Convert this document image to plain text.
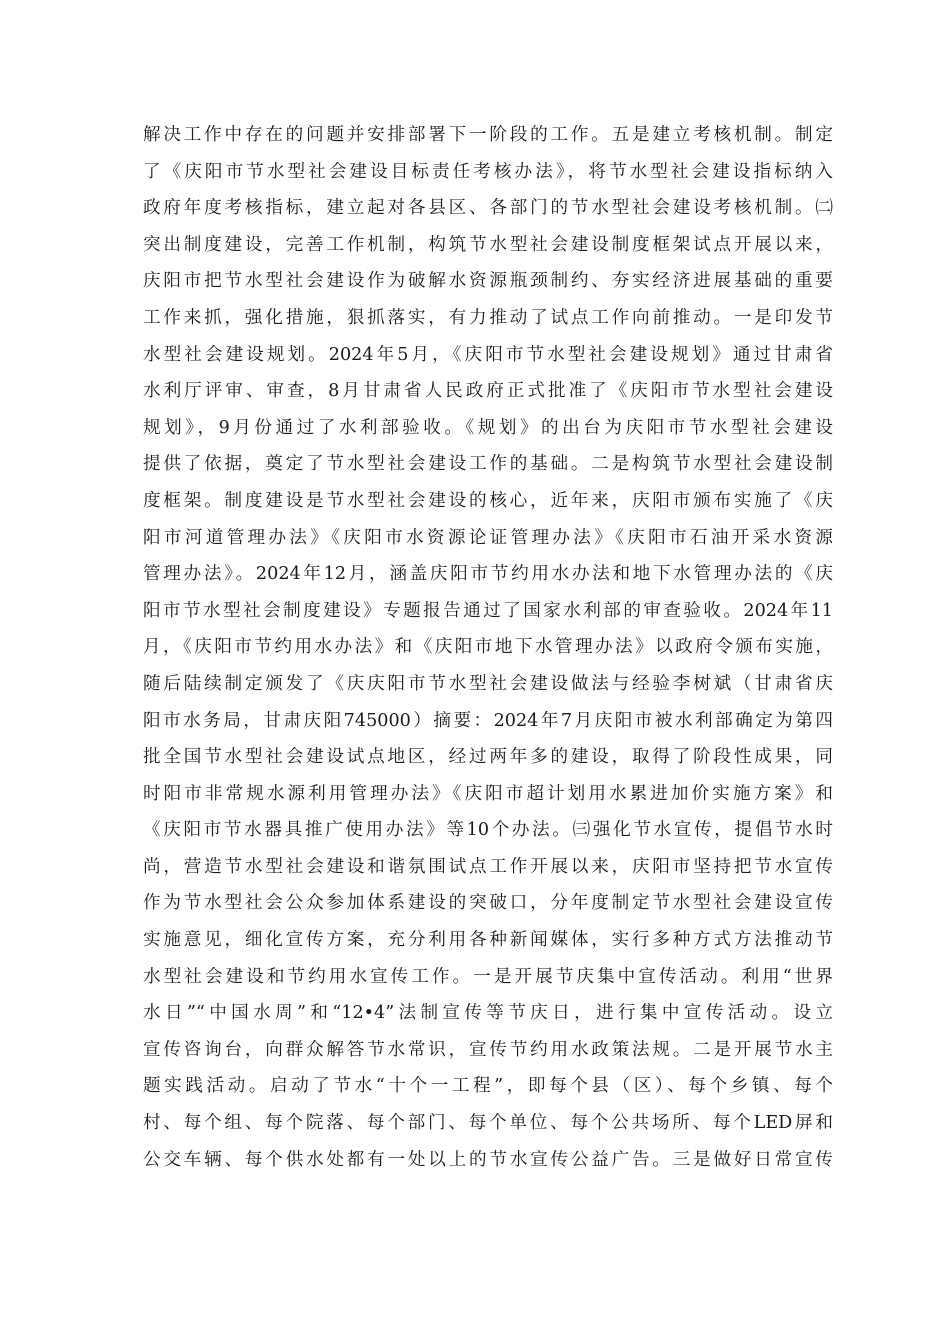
解决工作中存在的问题并安排部署下一阶段的工作。五是建立考核机制。制定
了《庆阳市节水型社会建设目标责任考核办法》，将节水型社会建设指标纳入
政府年度考核指标，建立起对各县区、各部门的节水型社会建设考核机制。㈡
突出制度建设，完善工作机制，构筑节水型社会建设制度框架试点开展以来，
庆阳市把节水型社会建设作为破解水资源瓶颈制约、夯实经济进展基础的重要
工作来抓，强化措施，狠抓落实，有力推动了试点工作向前推动。一是印发节
水型社会建设规划。2024年5月，《庆阳市节水型社会建设规划》通过甘肃省
水利厅评审、审查，8月甘肃省人民政府正式批准了《庆阳市节水型社会建设
规划》，9月份通过了水利部验收。《规划》的出台为庆阳市节水型社会建设
提供了依据，奠定了节水型社会建设工作的基础。二是构筑节水型社会建设制
度框架。制度建设是节水型社会建设的核心，近年来，庆阳市颁布实施了《庆
阳市河道管理办法》《庆阳市水资源论证管理办法》《庆阳市石油开采水资源
管理办法》。2024年12月，涵盖庆阳市节约用水办法和地下水管理办法的《庆
阳市节水型社会制度建设》专题报告通过了国家水利部的审查验收。2024年11
月，《庆阳市节约用水办法》和《庆阳市地下水管理办法》以政府令颁布实施，
随后陆续制定颁发了《庆庆阳市节水型社会建设做法与经验李树斌（甘肃省庆
阳市水务局，甘肃庆阳745000）摘要：2024年7月庆阳市被水利部确定为第四
批全国节水型社会建设试点地区，经过两年多的建设，取得了阶段性成果，同
时阳市非常规水源利用管理办法》《庆阳市超计划用水累进加价实施方案》和
《庆阳市节水器具推广使用办法》等10个办法。㈢强化节水宣传，提倡节水时
尚，营造节水型社会建设和谐氛围试点工作开展以来，庆阳市坚持把节水宣传
作为节水型社会公众参加体系建设的突破口，分年度制定节水型社会建设宣传
实施意见，细化宣传方案，充分利用各种新闻媒体，实行多种方式方法推动节
水型社会建设和节约用水宣传工作。一是开展节庆集中宣传活动。利用“世界
水日”“中国水周”和“12•4”法制宣传等节庆日，进行集中宣传活动。设立
宣传咨询台，向群众解答节水常识，宣传节约用水政策法规。二是开展节水主
题实践活动。启动了节水“十个一工程”，即每个县（区）、每个乡镇、每个
村、每个组、每个院落、每个部门、每个单位、每个公共场所、每个LED屏和
公交车辆、每个供水处都有一处以上的节水宣传公益广告。三是做好日常宣传
